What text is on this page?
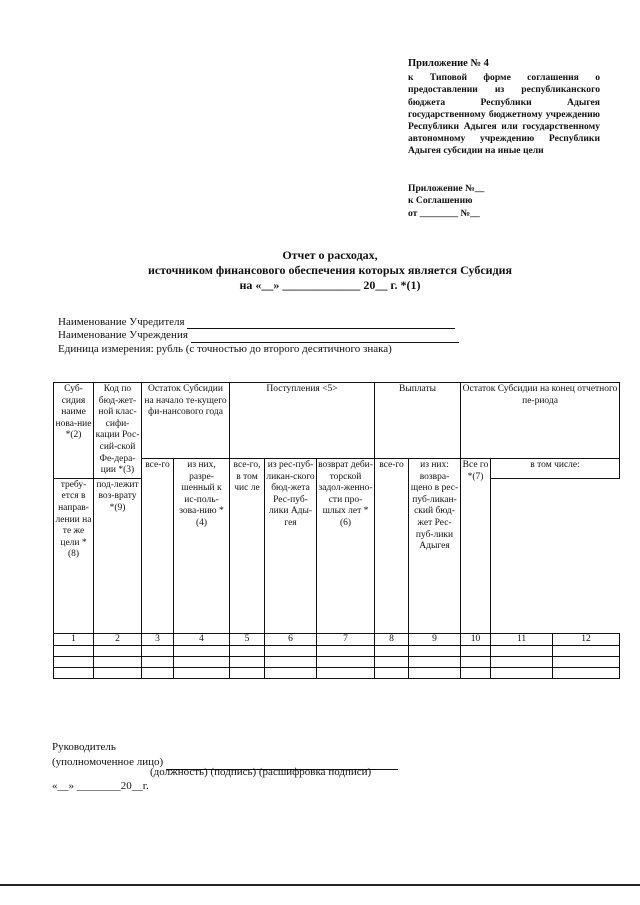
Приложение № 4
к Типовой форме соглашения о предоставлении из республиканского бюджета Республики Адыгея государственному бюджетному учреждению Республики Адыгея или государственному автономному учреждению Республики Адыгея субсидии на иные цели
Приложение №__
к Соглашению
от ________ №__
Отчет о расходах,
источником финансового обеспечения которых является Субсидия
на «__» _____________ 20__ г. *(1)
Наименование Учредителя
Наименование Учреждения
Единица измерения: рубль (с точностью до второго десятичного знака)
Суб-сидия наиме нова-ние *(2)	Код по бюд-жет-ной клас-сифи-кации Рос-сий-ской Фе-дера-ции *(3)	Остаток Субсидии на начало те-кущего фи-нансового года		Поступления <5>			Выплаты		Остаток Субсидии на конец отчетного пе-риода		
		все-го	из них, разре-шенный к ис-поль-зова-нию *(4)	все-го, в том чис ле	из рес-пуб-ликан-ского бюд-жета Рес-пуб-лики Ады-гея	возврат деби-торской задол-женно-сти про-шлых лет *(6)	все-го	из них: возвра-щено в рес-пуб-ликан-ский бюд-жет Рес-пуб-лики Адыгея	Все го *(7)	в том числе:	
требу-ется в направ-лении на те же цели *(8)	под-лежит воз-врату *(9)										
1	2	3	4	5	6	7	8	9	10	11	12

Руководитель
(уполномоченное лицо)
(должность) (подпись) (расшифровка подписи)
«__» ________20__г.
